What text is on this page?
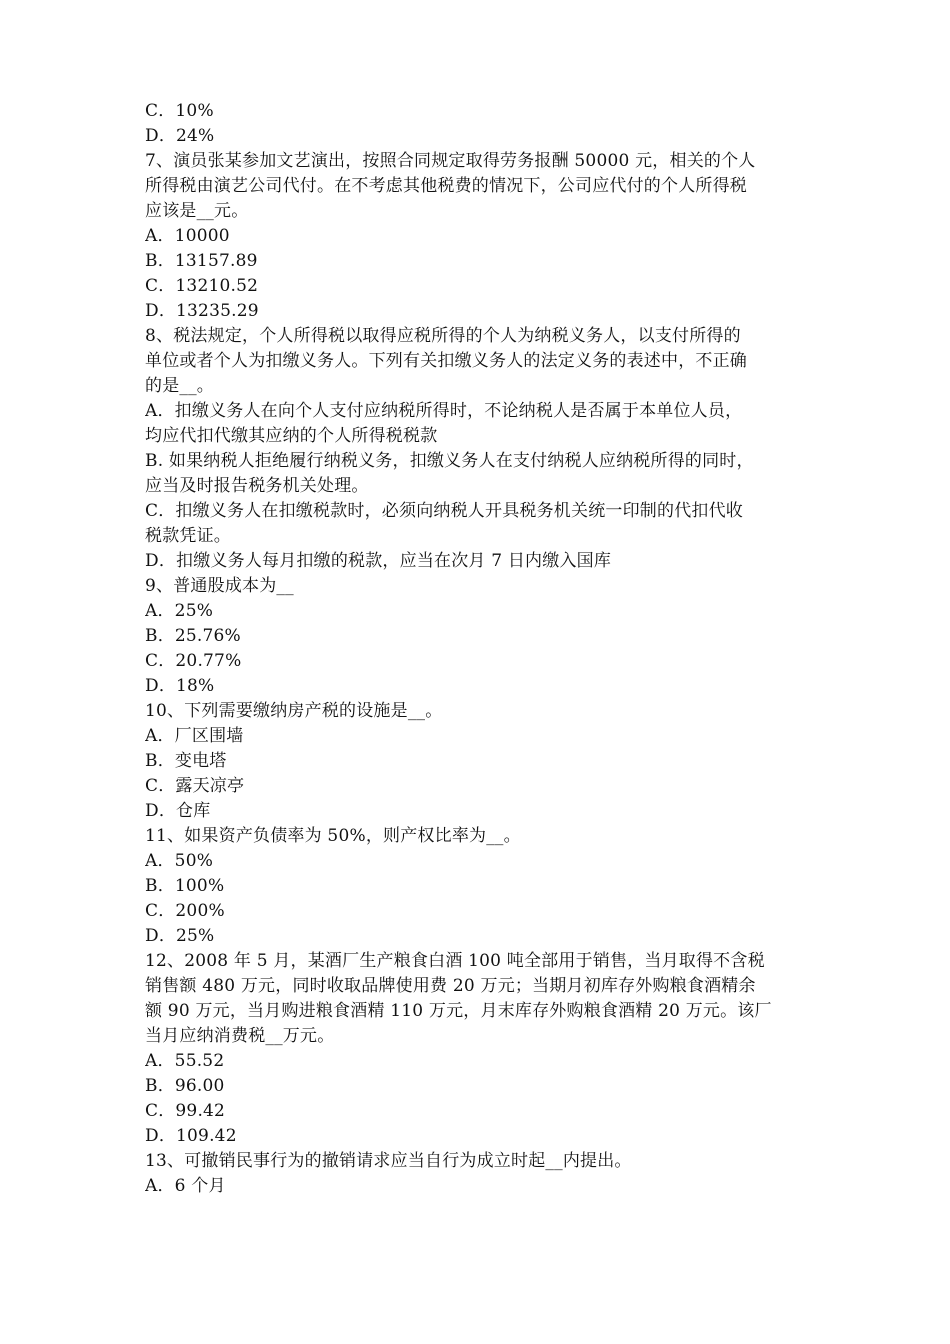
C．10%
D．24%
7、演员张某参加文艺演出，按照合同规定取得劳务报酬 50000 元，相关的个人
所得税由演艺公司代付。在不考虑其他税费的情况下，公司应代付的个人所得税
应该是__元。
A．10000
B．13157.89
C．13210.52
D．13235.29
8、税法规定，个人所得税以取得应税所得的个人为纳税义务人，以支付所得的
单位或者个人为扣缴义务人。下列有关扣缴义务人的法定义务的表述中，不正确
的是__。
A．扣缴义务人在向个人支付应纳税所得时，不论纳税人是否属于本单位人员，
均应代扣代缴其应纳的个人所得税税款
B. 如果纳税人拒绝履行纳税义务，扣缴义务人在支付纳税人应纳税所得的同时，
应当及时报告税务机关处理。
C．扣缴义务人在扣缴税款时，必须向纳税人开具税务机关统一印制的代扣代收
税款凭证。
D．扣缴义务人每月扣缴的税款，应当在次月 7 日内缴入国库
9、普通股成本为__
A．25%
B．25.76%
C．20.77%
D．18%
10、下列需要缴纳房产税的设施是__。
A．厂区围墙
B．变电塔
C．露天凉亭
D．仓库
11、如果资产负债率为 50%，则产权比率为__。
A．50%
B．100%
C．200%
D．25%
12、2008 年 5 月，某酒厂生产粮食白酒 100 吨全部用于销售，当月取得不含税
销售额 480 万元，同时收取品牌使用费 20 万元；当期月初库存外购粮食酒精余
额 90 万元，当月购进粮食酒精 110 万元，月末库存外购粮食酒精 20 万元。该厂
当月应纳消费税__万元。
A．55.52
B．96.00
C．99.42
D．109.42
13、可撤销民事行为的撤销请求应当自行为成立时起__内提出。
A．6 个月
